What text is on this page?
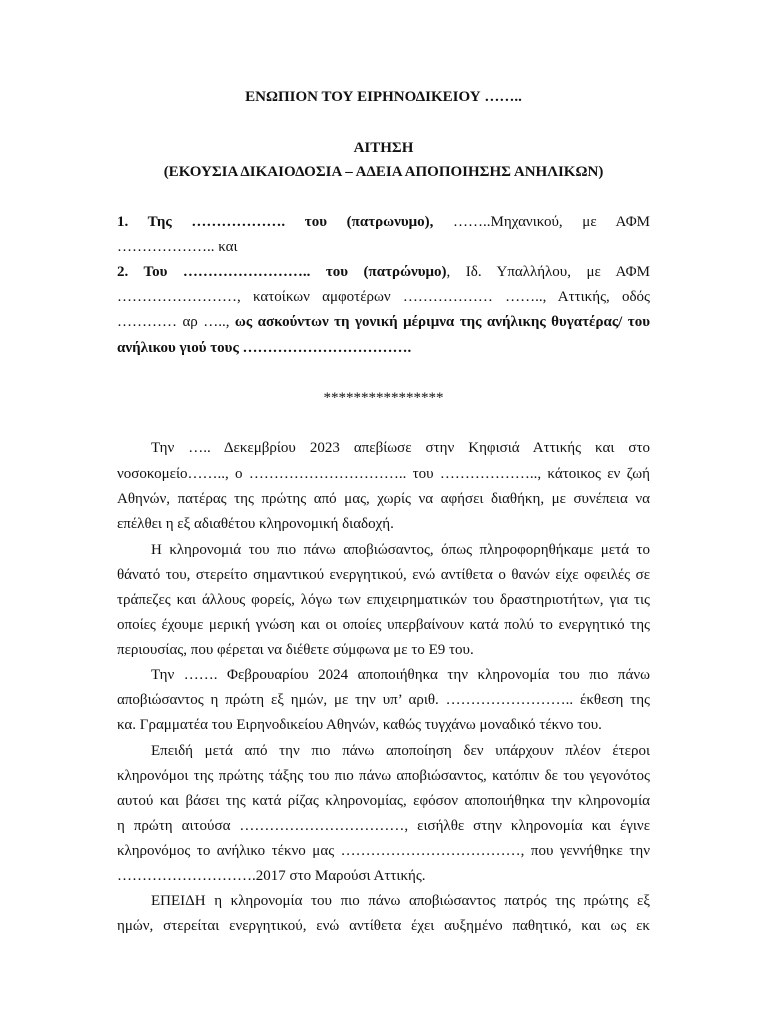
ΕΝΩΠΙΟΝ ΤΟΥ ΕΙΡΗΝΟΔΙΚΕΙΟΥ ……..
ΑΙΤΗΣΗ
(ΕΚΟΥΣΙΑ ΔΙΚΑΙΟΔΟΣΙΑ – ΑΔΕΙΑ ΑΠΟΠΟΙΗΣΗΣ ΑΝΗΛΙΚΩΝ)
1. Της ………………. του (πατρωνυμο), ……..Μηχανικού, με ΑΦΜ
……………….. και
2. Του …………………….. του (πατρώνυμο), Ιδ. Υπαλλήλου, με ΑΦΜ
……………………, κατοίκων αμφοτέρων ……………… …….., Αττικής, οδός
………… αρ ….., ως ασκούντων τη γονική μέριμνα της ανήλικης θυγατέρας/ του
ανήλικου γιού τους …………………………….
****************
Την ….. Δεκεμβρίου 2023 απεβίωσε στην Κηφισιά Αττικής και στο
νοσοκομείο…….., ο ………………………….. του ……………….., κάτοικος εν ζωή
Αθηνών, πατέρας της πρώτης από μας, χωρίς να αφήσει διαθήκη, με συνέπεια να
επέλθει η εξ αδιαθέτου κληρονομική διαδοχή.
Η κληρονομιά του πιο πάνω αποβιώσαντος, όπως πληροφορηθήκαμε μετά το
θάνατό του, στερείτο σημαντικού ενεργητικού, ενώ αντίθετα ο θανών είχε οφειλές σε
τράπεζες και άλλους φορείς, λόγω των επιχειρηματικών του δραστηριοτήτων, για τις
οποίες έχουμε μερική γνώση και οι οποίες υπερβαίνουν κατά πολύ το ενεργητικό της
περιουσίας, που φέρεται να διέθετε σύμφωνα με το Ε9 του.
Την ……. Φεβρουαρίου 2024 αποποιήθηκα την κληρονομία του πιο πάνω
αποβιώσαντος η πρώτη εξ ημών, με την υπ’ αριθ. …………………….. έκθεση της
κα. Γραμματέα του Ειρηνοδικείου Αθηνών, καθώς τυγχάνω μοναδικό τέκνο του.
Επειδή μετά από την πιο πάνω αποποίηση δεν υπάρχουν πλέον έτεροι
κληρονόμοι της πρώτης τάξης του πιο πάνω αποβιώσαντος, κατόπιν δε του γεγονότος
αυτού και βάσει της κατά ρίζας κληρονομίας, εφόσον αποποιήθηκα την κληρονομία
η πρώτη αιτούσα ……………………………, εισήλθε στην κληρονομία και έγινε
κληρονόμος το ανήλικο τέκνο μας ………………………………, που γεννήθηκε την
……………………….2017 στο Μαρούσι Αττικής.
ΕΠΕΙΔΗ η κληρονομία του πιο πάνω αποβιώσαντος πατρός της πρώτης εξ
ημών, στερείται ενεργητικού, ενώ αντίθετα έχει αυξημένο παθητικό, και ως εκ
